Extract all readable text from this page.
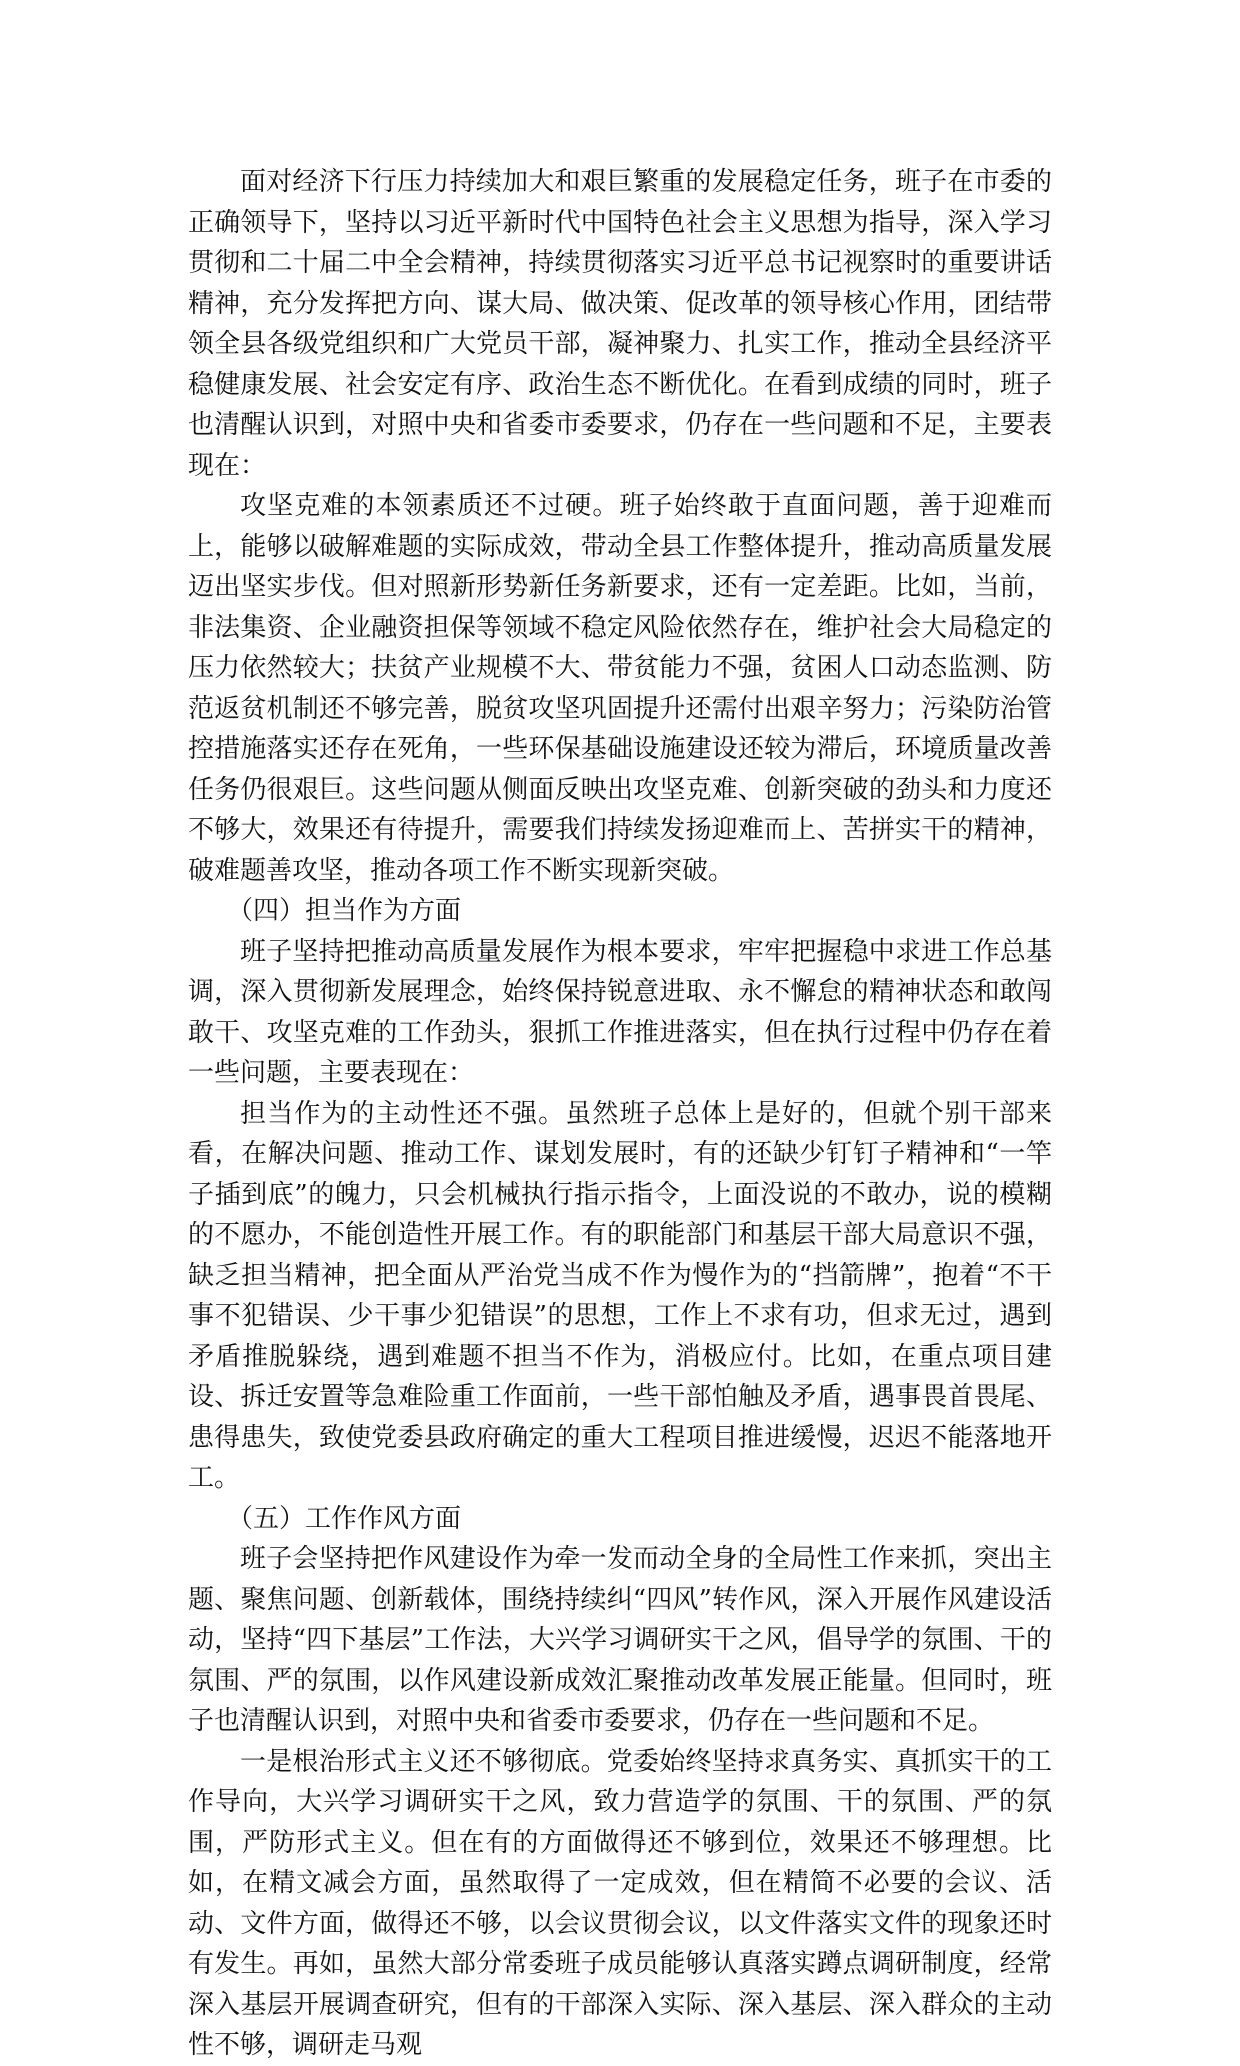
面对经济下行压力持续加大和艰巨繁重的发展稳定任务，班子在市委的正确领导下，坚持以习近平新时代中国特色社会主义思想为指导，深入学习贯彻和二十届二中全会精神，持续贯彻落实习近平总书记视察时的重要讲话精神，充分发挥把方向、谋大局、做决策、促改革的领导核心作用，团结带领全县各级党组织和广大党员干部，凝神聚力、扎实工作，推动全县经济平稳健康发展、社会安定有序、政治生态不断优化。在看到成绩的同时，班子也清醒认识到，对照中央和省委市委要求，仍存在一些问题和不足，主要表现在：

攻坚克难的本领素质还不过硬。班子始终敢于直面问题，善于迎难而上，能够以破解难题的实际成效，带动全县工作整体提升，推动高质量发展迈出坚实步伐。但对照新形势新任务新要求，还有一定差距。比如，当前，非法集资、企业融资担保等领域不稳定风险依然存在，维护社会大局稳定的压力依然较大；扶贫产业规模不大、带贫能力不强，贫困人口动态监测、防范返贫机制还不够完善，脱贫攻坚巩固提升还需付出艰辛努力；污染防治管控措施落实还存在死角，一些环保基础设施建设还较为滞后，环境质量改善任务仍很艰巨。这些问题从侧面反映出攻坚克难、创新突破的劲头和力度还不够大，效果还有待提升，需要我们持续发扬迎难而上、苦拼实干的精神，破难题善攻坚，推动各项工作不断实现新突破。

（四）担当作为方面

班子坚持把推动高质量发展作为根本要求，牢牢把握稳中求进工作总基调，深入贯彻新发展理念，始终保持锐意进取、永不懈怠的精神状态和敢闯敢干、攻坚克难的工作劲头，狠抓工作推进落实，但在执行过程中仍存在着一些问题，主要表现在：

担当作为的主动性还不强。虽然班子总体上是好的，但就个别干部来看，在解决问题、推动工作、谋划发展时，有的还缺少钉钉子精神和“一竿子插到底”的魄力，只会机械执行指示指令，上面没说的不敢办，说的模糊的不愿办，不能创造性开展工作。有的职能部门和基层干部大局意识不强，缺乏担当精神，把全面从严治党当成不作为慢作为的“挡箭牌”，抱着“不干事不犯错误、少干事少犯错误”的思想，工作上不求有功，但求无过，遇到矛盾推脱躲绕，遇到难题不担当不作为，消极应付。比如，在重点项目建设、拆迁安置等急难险重工作面前，一些干部怕触及矛盾，遇事畏首畏尾、患得患失，致使党委县政府确定的重大工程项目推进缓慢，迟迟不能落地开工。

（五）工作作风方面

班子会坚持把作风建设作为牵一发而动全身的全局性工作来抓，突出主题、聚焦问题、创新载体，围绕持续纠“四风”转作风，深入开展作风建设活动，坚持“四下基层”工作法，大兴学习调研实干之风，倡导学的氛围、干的氛围、严的氛围，以作风建设新成效汇聚推动改革发展正能量。但同时，班子也清醒认识到，对照中央和省委市委要求，仍存在一些问题和不足。

一是根治形式主义还不够彻底。党委始终坚持求真务实、真抓实干的工作导向，大兴学习调研实干之风，致力营造学的氛围、干的氛围、严的氛围，严防形式主义。但在有的方面做得还不够到位，效果还不够理想。比如，在精文减会方面，虽然取得了一定成效，但在精简不必要的会议、活动、文件方面，做得还不够，以会议贯彻会议，以文件落实文件的现象还时有发生。再如，虽然大部分常委班子成员能够认真落实蹲点调研制度，经常深入基层开展调查研究，但有的干部深入实际、深入基层、深入群众的主动性不够，调研走马观
